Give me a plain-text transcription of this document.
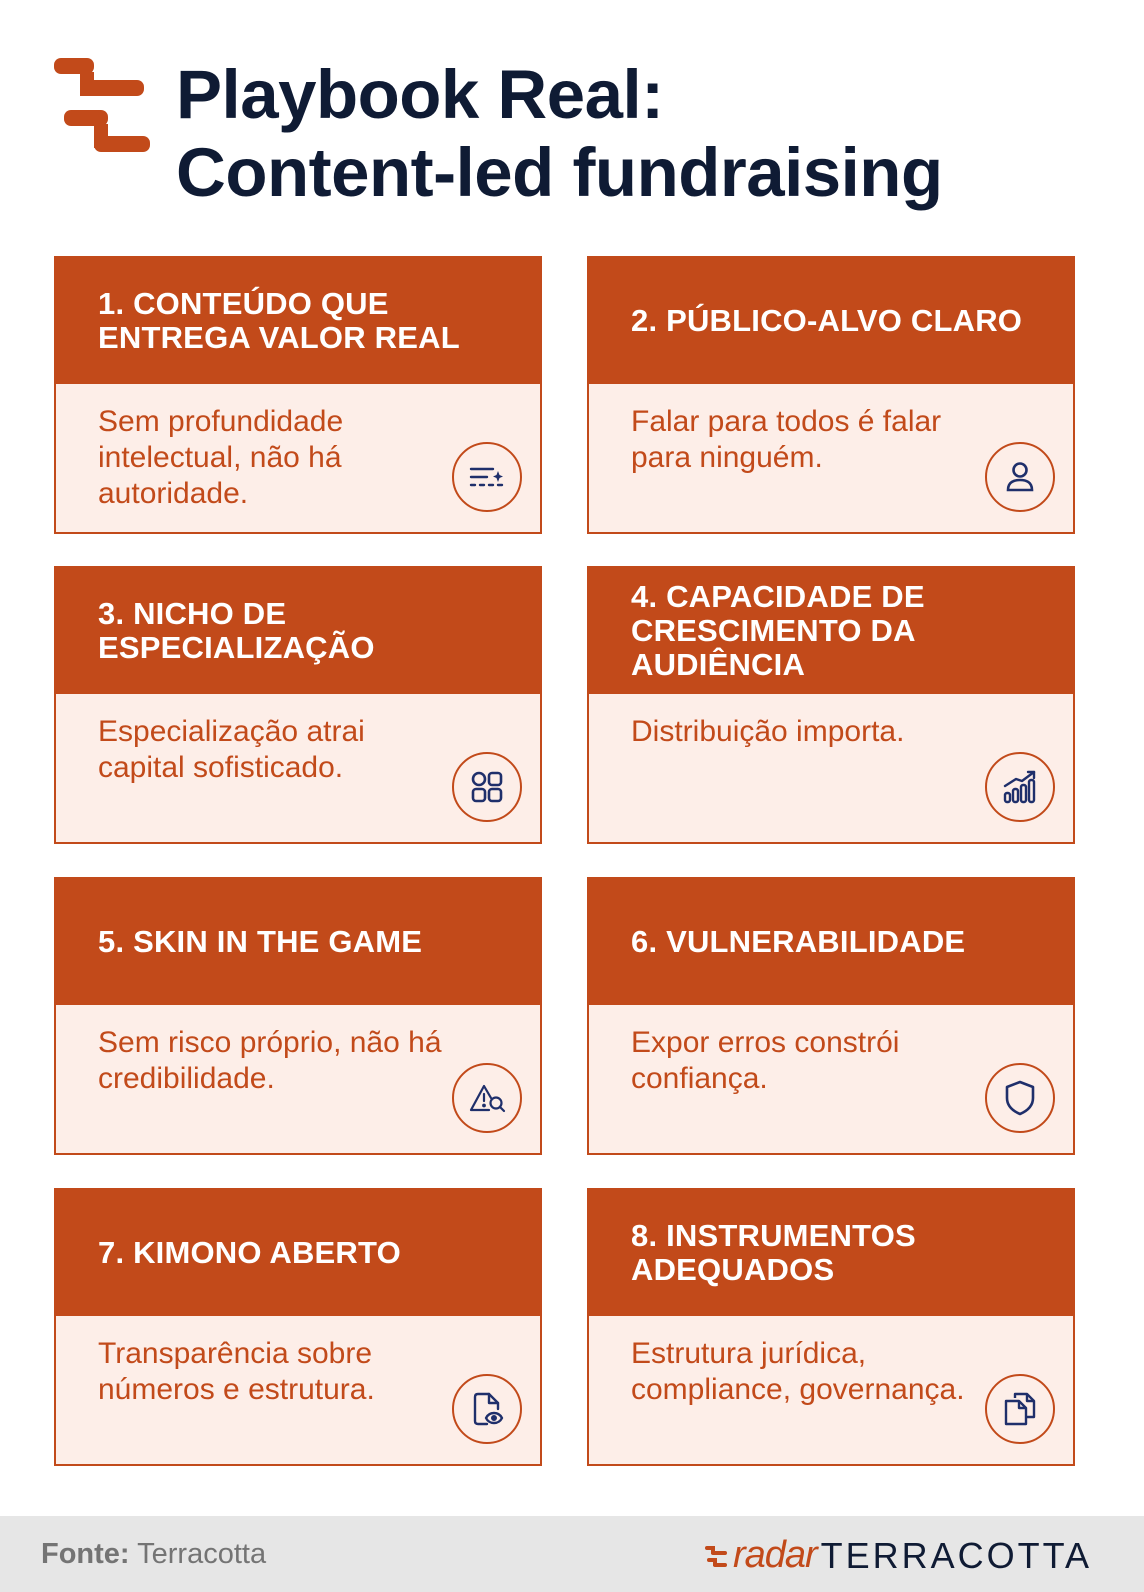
Playbook Real:
Content-led fundraising
1. CONTEÚDO QUE ENTREGA VALOR REAL
Sem profundidade intelectual, não há autoridade.
2. PÚBLICO-ALVO CLARO
Falar para todos é falar para ninguém.
3. NICHO DE ESPECIALIZAÇÃO
Especialização atrai capital sofisticado.
4. CAPACIDADE DE CRESCIMENTO DA AUDIÊNCIA
Distribuição importa.
5. SKIN IN THE GAME
Sem risco próprio, não há credibilidade.
6. VULNERABILIDADE
Expor erros constrói confiança.
7. KIMONO ABERTO
Transparência sobre números e estrutura.
8. INSTRUMENTOS ADEQUADOS
Estrutura jurídica, compliance, governança.
Fonte: Terracotta	radar TERRACOTTA
